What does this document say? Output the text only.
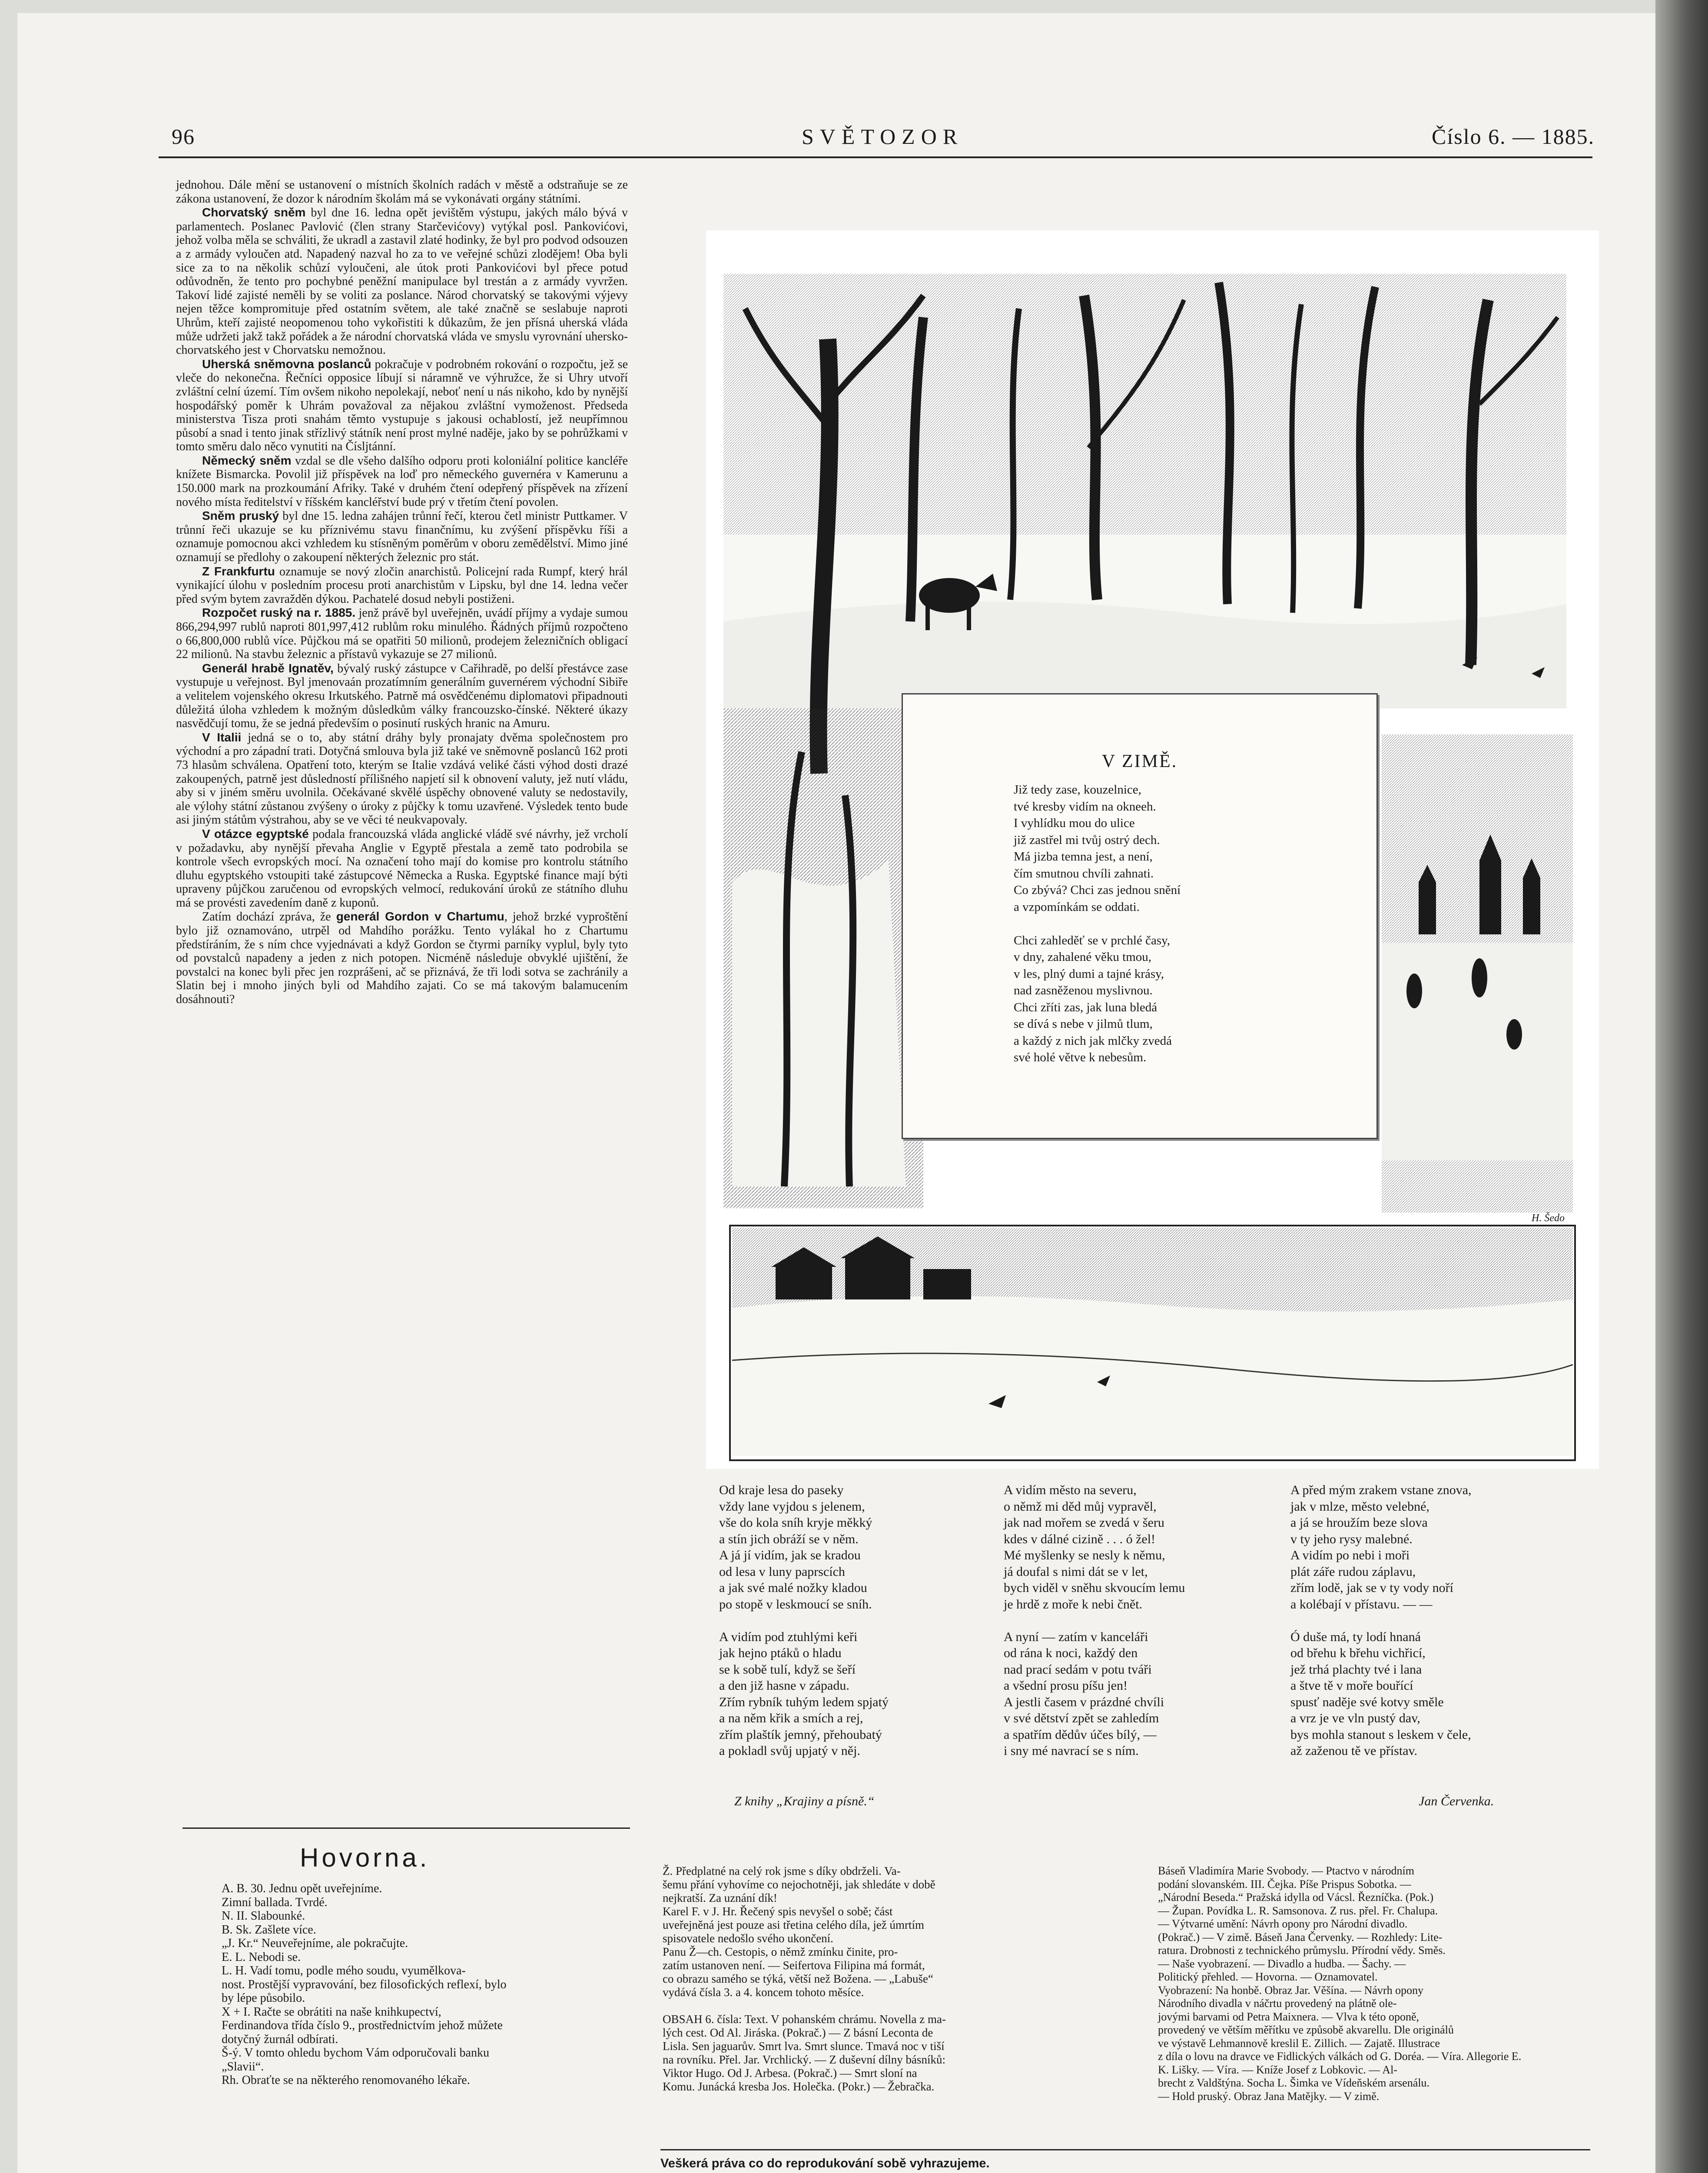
96	SVĚTOZOR	Číslo 6. — 1885.

jednohou. Dále mění se ustanovení o místních školních radách v městě a odstraňuje se ze zákona ustanovení, že dozor k národním školám má se vykonávati orgány státními.

Chorvatský sněm byl dne 16. ledna opět jevištěm výstupu, jakých málo bývá v parlamentech. Poslanec Pavlović (člen strany Starčevićovy) vytýkal posl. Pankovićovi, jehož volba měla se schváliti, že ukradl a zastavil zlaté hodinky, že byl pro podvod odsouzen a z armády vyloučen atd. Napadený nazval ho za to ve veřejné schůzi zlodějem! Oba byli sice za to na několik schůzí vyloučeni, ale útok proti Pankovićovi byl přece potud odůvodněn, že tento pro pochybné peněžní manipulace byl trestán a z armády vyvržen. Takoví lidé zajisté neměli by se voliti za poslance. Národ chorvatský se takovými výjevy nejen těžce kompromituje před ostatním světem, ale také značně se seslabuje naproti Uhrům, kteří zajisté neopomenou toho vykořistiti k důkazům, že jen přísná uherská vláda může udržeti jakž takž pořádek a že národní chorvatská vláda ve smyslu vyrovnání uhersko-chorvatského jest v Chorvatsku nemožnou.

Uherská sněmovna poslanců pokračuje v podrobném rokování o rozpočtu, jež se vleče do nekonečna. Řečníci opposice líbují si náramně ve výhružce, že si Uhry utvoří zvláštní celní území. Tím ovšem nikoho nepolekají, neboť není u nás nikoho, kdo by nynější hospodářský poměr k Uhrám považoval za nějakou zvláštní vymoženost. Předseda ministerstva Tisza proti snahám těmto vystupuje s jakousi ochablostí, jež neupřímnou působí a snad i tento jinak střízlivý státník není prost mylné naděje, jako by se pohrůžkami v tomto směru dalo něco vynutiti na Čísljtánní.

Německý sněm vzdal se dle všeho dalšího odporu proti koloniální politice kancléře knížete Bismarcka. Povolil již příspěvek na loď pro německého guvernéra v Kamerunu a 150.000 mark na prozkoumání Afriky. Také v druhém čtení odepřený příspěvek na zřízení nového místa ředitelství v říšském kancléřství bude prý v třetím čtení povolen.

Sněm pruský byl dne 15. ledna zahájen trůnní řečí, kterou četl ministr Puttkamer. V trůnní řeči ukazuje se ku příznivému stavu finančnímu, ku zvýšení příspěvku říši a oznamuje pomocnou akci vzhledem ku stísněným poměrům v oboru zemědělství. Mimo jiné oznamují se předlohy o zakoupení některých železnic pro stát.

Z Frankfurtu oznamuje se nový zločin anarchistů. Policejní rada Rumpf, který hrál vynikající úlohu v posledním procesu proti anarchistům v Lipsku, byl dne 14. ledna večer před svým bytem zavražděn dýkou. Pachatelé dosud nebyli postiženi.

Rozpočet ruský na r. 1885. jenž právě byl uveřejněn, uvádí příjmy a vydaje sumou 866,294,997 rublů naproti 801,997,412 rublům roku minulého. Řádných příjmů rozpočteno o 66,800,000 rublů více. Půjčkou má se opatřiti 50 milionů, prodejem železničních obligací 22 milionů. Na stavbu železnic a přístavů vykazuje se 27 milionů.

Generál hrabě Ignatěv, bývalý ruský zástupce v Cařihradě, po delší přestávce zase vystupuje u veřejnost. Byl jmenovaán prozatímním generálním guvernérem východní Sibiře a velitelem vojenského okresu Irkutského. Patrně má osvědčenému diplomatovi připadnouti důležitá úloha vzhledem k možným důsledkům války francouzsko-čínské. Některé úkazy nasvědčují tomu, že se jedná především o posinutí ruských hranic na Amuru.

V Italii jedná se o to, aby státní dráhy byly pronajaty dvěma společnostem pro východní a pro západní trati. Dotyčná smlouva byla již také ve sněmovně poslanců 162 proti 73 hlasům schválena. Opatření toto, kterým se Italie vzdává veliké části výhod dosti drazé zakoupených, patrně jest důsledností přílišného napjetí sil k obnovení valuty, jež nutí vládu, aby si v jiném směru uvolnila. Očekávané skvělé úspěchy obnovené valuty se nedostavily, ale výlohy státní zůstanou zvýšeny o úroky z půjčky k tomu uzavřené. Výsledek tento bude asi jiným státům výstrahou, aby se ve věci té neukvapovaly.

V otázce egyptské podala francouzská vláda anglické vládě své návrhy, jež vrcholí v požadavku, aby nynější převaha Anglie v Egyptě přestala a země tato podrobila se kontrole všech evropských mocí. Na označení toho mají do komise pro kontrolu státního dluhu egyptského vstoupiti také zástupcové Německa a Ruska. Egyptské finance mají býti upraveny půjčkou zaručenou od evropských velmocí, redukování úroků ze státního dluhu má se provésti zavedením daně z kuponů.

Zatím dochází zpráva, že generál Gordon v Chartumu, jehož brzké vyproštění bylo již oznamováno, utrpěl od Mahdího porážku. Tento vylákal ho z Chartumu předstíráním, že s ním chce vyjednávati a když Gordon se čtyrmi parníky vyplul, byly tyto od povstalců napadeny a jeden z nich potopen. Nicméně následuje obvyklé ujištění, že povstalci na konec byli přec jen rozprášeni, ač se přiznává, že tři lodi sotva se zachránily a Slatin bej i mnoho jiných byli od Mahdího zajati. Co se má takovým balamucením dosáhnouti?

V ZIMĚ.
Již tedy zase, kouzelnice,
tvé kresby vidím na okneeh.
I vyhlídku mou do ulice
již zastřel mi tvůj ostrý dech.
Má jizba temna jest, a není,
čím smutnou chvíli zahnati.
Co zbývá? Chci zas jednou snění
a vzpomínkám se oddati.

Chci zahleděť se v prchlé časy,
v dny, zahalené věku tmou,
v les, plný dumi a tajné krásy,
nad zasněženou myslivnou.
Chci zříti zas, jak luna bledá
se dívá s nebe v jilmů tlum,
a každý z nich jak mlčky zvedá
své holé větve k nebesům.
H. Šedo
Od kraje lesa do paseky
vždy lane vyjdou s jelenem,
vše do kola sníh kryje měkký
a stín jich obráží se v něm.
A já jí vidím, jak se kradou
od lesa v luny paprscích
a jak své malé nožky kladou
po stopě v leskmoucí se sníh.

A vidím pod ztuhlými keři
jak hejno ptáků o hladu
se k sobě tulí, když se šeří
a den již hasne v západu.
Zřím rybník tuhým ledem spjatý
a na něm křik a smích a rej,
zřím plaštík jemný, přehoubatý
a pokladl svůj upjatý v něj.
A vidím město na severu,
o němž mi děd můj vypravěl,
jak nad mořem se zvedá v šeru
kdes v dálné cizině . . . ó žel!
Mé myšlenky se nesly k němu,
já doufal s nimi dát se v let,
bych viděl v sněhu skvoucím lemu
je hrdě z moře k nebi čnět.

A nyní — zatím v kanceláři
od rána k noci, každý den
nad prací sedám v potu tváři
a všední prosu píšu jen!
A jestli časem v prázdné chvíli
v své dětství zpět se zahledím
a spatřím dědův účes bílý, —
i sny mé navrací se s ním.
A před mým zrakem vstane znova,
jak v mlze, město velebné,
a já se hroužím beze slova
v ty jeho rysy malebné.
A vidím po nebi i moři
plát záře rudou záplavu,
zřím lodě, jak se v ty vody noří
a kolébají v přístavu. — —

Ó duše má, ty lodí hnaná
od břehu k břehu vichřicí,
jež trhá plachty tvé i lana
a štve tě v moře bouřící
spusť naděje své kotvy směle
a vrz je ve vln pustý dav,
bys mohla stanout s leskem v čele,
až zaženou tě ve přístav.
Z knihy „Krajiny a písně.“	Jan Červenka.
Hovorna.
A. B. 30. Jednu opět uveřejníme.
Zimní ballada. Tvrdé.
N. II. Slabounké.
B. Sk. Zašlete více.
„J. Kr.“ Neuveřejníme, ale pokračujte.
E. L. Nebodi se.
L. H. Vadí tomu, podle mého soudu, vyumělkova-
nost. Prostější vypravování, bez filosofických reflexí, bylo
by lépe působilo.
X + I. Račte se obrátiti na naše knihkupectví,
Ferdinandova třída číslo 9., prostřednictvím jehož můžete
dotyčný žurnál odbírati.
Š-ý. V tomto ohledu bychom Vám odporučovali banku
„Slavii“.
Rh. Obraťte se na některého renomovaného lékaře.
Ž. Předplatné na celý rok jsme s díky obdrželi. Va-
šemu přání vyhovíme co nejochotněji, jak shledáte v době
nejkratší. Za uznání dík!
Karel F. v J. Hr. Řečený spis nevyšel o sobě; část
uveřejněná jest pouze asi třetina celého díla, jež úmrtím
spisovatele nedošlo svého ukončení.
Panu Ž—ch. Cestopis, o němž zmínku činite, pro-
zatím ustanoven není. — Seifertova Filipina má formát,
co obrazu samého se týká, větší než Božena. — „Labuše“
vydává čísla 3. a 4. koncem tohoto měsíce.

OBSAH 6. čísla: Text. V pohanském chrámu. Novella z ma-
lých cest. Od Al. Jiráska. (Pokrač.) — Z básní Leconta de
Lisla. Sen jaguarův. Smrt lva. Smrt slunce. Tmavá noc v tiší
na rovníku. Přel. Jar. Vrchlický. — Z duševní dílny básníků:
Viktor Hugo. Od J. Arbesa. (Pokrač.) — Smrt sloní na
Komu. Junácká kresba Jos. Holečka. (Pokr.) — Žebračka.
Báseň Vladimíra Marie Svobody. — Ptactvo v národním
podání slovanském. III. Čejka. Píše Prispus Sobotka. —
„Národní Beseda.“ Pražská idylla od Vácsl. Řezníčka. (Pok.)
— Župan. Povídka L. R. Samsonova. Z rus. přel. Fr. Chalupa.
— Výtvarné umění: Návrh opony pro Národní divadlo.
(Pokrač.) — V zimě. Báseň Jana Červenky. — Rozhledy: Lite-
ratura. Drobnosti z technického průmyslu. Přírodní vědy. Směs.
— Naše vyobrazení. — Divadlo a hudba. — Šachy. —
Politický přehled. — Hovorna. — Oznamovatel.
Vyobrazení: Na honbě. Obraz Jar. Věšína. — Návrh opony
Národního divadla v náčrtu provedený na plátně ole-
jovými barvami od Petra Maixnera. — Vlva k této oponě,
provedený ve větším měřítku ve způsobě akvarellu. Dle originálů
ve výstavě Lehmannově kreslil E. Zillich. — Zajatě. Illustrace
z díla o lovu na dravce ve Fidlických válkách od G. Doréa. — Víra. Allegorie E.
K. Lišky. — Víra. — Kníže Josef z Lobkovic. — Al-
brecht z Valdštýna. Socha L. Šimka ve Vídeňském arsenálu.
— Hold pruský. Obraz Jana Matějky. — V zimě.
Veškerá práva co do reprodukování sobě vyhrazujeme.
